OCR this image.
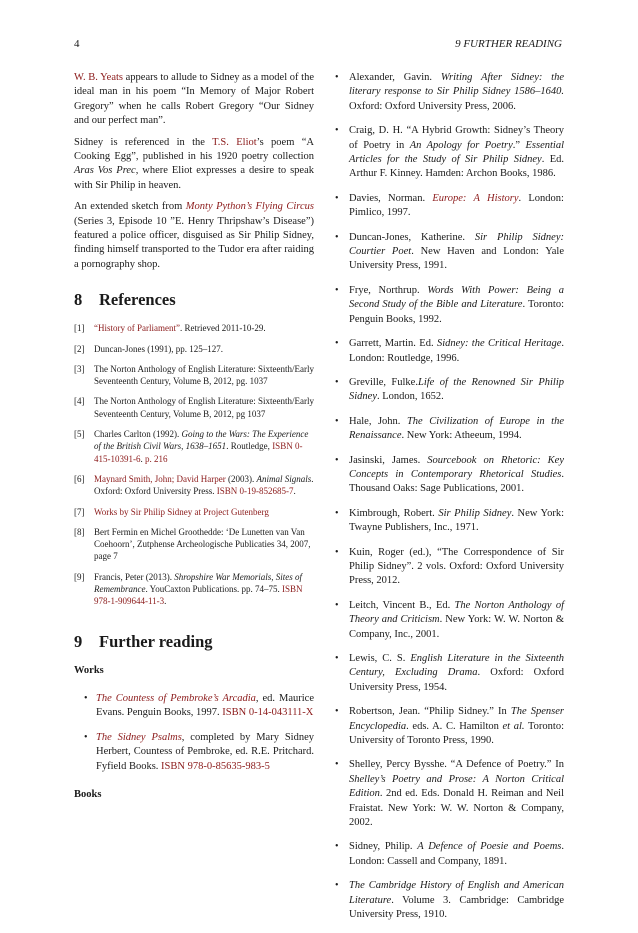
4	9 FURTHER READING

W. B. Yeats appears to allude to Sidney as a model of the ideal man in his poem “In Memory of Major Robert Gregory” when he calls Robert Gregory “Our Sidney and our perfect man”.

Sidney is referenced in the T.S. Eliot’s poem “A Cooking Egg”, published in his 1920 poetry collection Aras Vos Prec, where Eliot expresses a desire to speak with Sir Philip in heaven.

An extended sketch from Monty Python’s Flying Circus (Series 3, Episode 10 ”E. Henry Thripshaw’s Disease”) featured a police officer, disguised as Sir Philip Sidney, finding himself transported to the Tudor era after raiding a pornography shop.

8 References
[1] “History of Parliament”. Retrieved 2011-10-29.
[2] Duncan-Jones (1991), pp. 125–127.
[3] The Norton Anthology of English Literature: Sixteenth/Early Seventeenth Century, Volume B, 2012, pg. 1037
[4] The Norton Anthology of English Literature: Sixteenth/Early Seventeenth Century, Volume B, 2012, pg 1037
[5] Charles Carlton (1992). Going to the Wars: The Experience of the British Civil Wars, 1638–1651. Routledge, ISBN 0-415-10391-6. p. 216
[6] Maynard Smith, John; David Harper (2003). Animal Signals. Oxford: Oxford University Press. ISBN 0-19-852685-7.
[7] Works by Sir Philip Sidney at Project Gutenberg
[8] Bert Fermin en Michel Groothedde: ‘De Lunetten van Van Coehoorn’, Zutphense Archeologische Publicaties 34, 2007, page 7
[9] Francis, Peter (2013). Shropshire War Memorials, Sites of Remembrance. YouCaxton Publications. pp. 74–75. ISBN 978-1-909644-11-3.
9 Further reading
Works
• The Countess of Pembroke’s Arcadia, ed. Maurice Evans. Penguin Books, 1997. ISBN 0-14-043111-X
• The Sidney Psalms, completed by Mary Sidney Herbert, Countess of Pembroke, ed. R.E. Pritchard. Fyfield Books. ISBN 978-0-85635-983-5
Books
• Alexander, Gavin. Writing After Sidney: the literary response to Sir Philip Sidney 1586–1640. Oxford: Oxford University Press, 2006.
• Craig, D. H. “A Hybrid Growth: Sidney’s Theory of Poetry in An Apology for Poetry.” Essential Articles for the Study of Sir Philip Sidney. Ed. Arthur F. Kinney. Hamden: Archon Books, 1986.
• Davies, Norman. Europe: A History. London: Pimlico, 1997.
• Duncan-Jones, Katherine. Sir Philip Sidney: Courtier Poet. New Haven and London: Yale University Press, 1991.
• Frye, Northrup. Words With Power: Being a Second Study of the Bible and Literature. Toronto: Penguin Books, 1992.
• Garrett, Martin. Ed. Sidney: the Critical Heritage. London: Routledge, 1996.
• Greville, Fulke.Life of the Renowned Sir Philip Sidney. London, 1652.
• Hale, John. The Civilization of Europe in the Renaissance. New York: Atheeum, 1994.
• Jasinski, James. Sourcebook on Rhetoric: Key Concepts in Contemporary Rhetorical Studies. Thousand Oaks: Sage Publications, 2001.
• Kimbrough, Robert. Sir Philip Sidney. New York: Twayne Publishers, Inc., 1971.
• Kuin, Roger (ed.), “The Correspondence of Sir Philip Sidney”. 2 vols. Oxford: Oxford University Press, 2012.
• Leitch, Vincent B., Ed. The Norton Anthology of Theory and Criticism. New York: W. W. Norton & Company, Inc., 2001.
• Lewis, C. S. English Literature in the Sixteenth Century, Excluding Drama. Oxford: Oxford University Press, 1954.
• Robertson, Jean. “Philip Sidney.” In The Spenser Encyclopedia. eds. A. C. Hamilton et al. Toronto: University of Toronto Press, 1990.
• Shelley, Percy Bysshe. “A Defence of Poetry.” In Shelley’s Poetry and Prose: A Norton Critical Edition. 2nd ed. Eds. Donald H. Reiman and Neil Fraistat. New York: W. W. Norton & Company, 2002.
• Sidney, Philip. A Defence of Poesie and Poems. London: Cassell and Company, 1891.
• The Cambridge History of English and American Literature. Volume 3. Cambridge: Cambridge University Press, 1910.
